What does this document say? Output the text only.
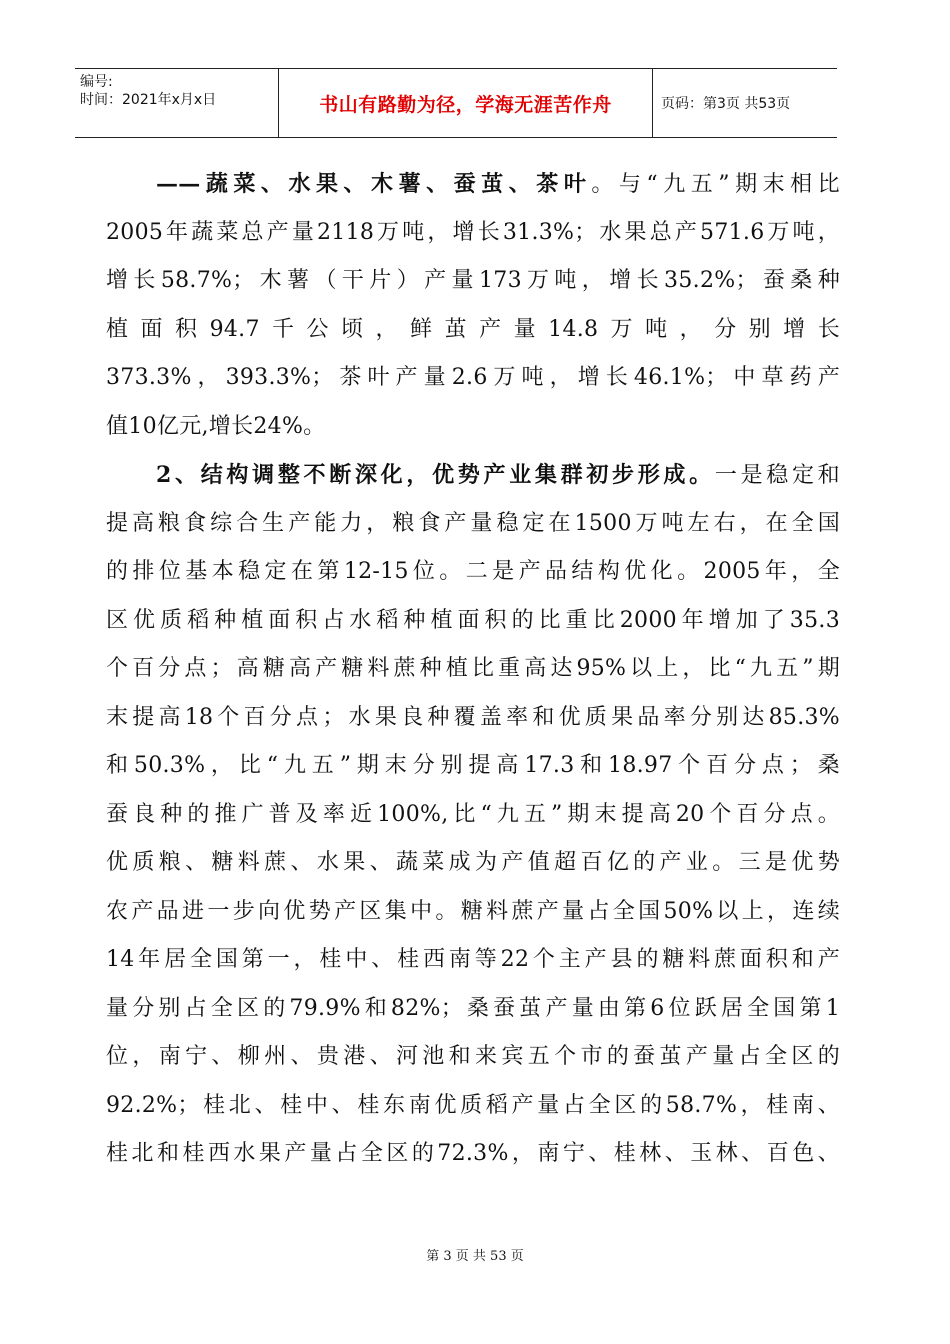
编号:
时间：2021年x月x日	书山有路勤为径，学海无涯苦作舟	页码：第3页 共53页
——蔬菜、水果、木薯、蚕茧、茶叶。与“九五”期末相比
2005年蔬菜总产量2118万吨，增长31.3%；水果总产571.6万吨，
增长58.7%；木薯（干片）产量173万吨，增长35.2%；蚕桑种
植面积94.7千公顷，鲜茧产量14.8万吨，分别增长
373.3%，393.3%；茶叶产量2.6万吨，增长46.1%；中草药产
值10亿元,增长24%。
2、结构调整不断深化，优势产业集群初步形成。一是稳定和
提高粮食综合生产能力，粮食产量稳定在1500万吨左右，在全国
的排位基本稳定在第12-15位。二是产品结构优化。2005年，全
区优质稻种植面积占水稻种植面积的比重比2000年增加了35.3
个百分点；高糖高产糖料蔗种植比重高达95%以上，比“九五”期
末提高18个百分点；水果良种覆盖率和优质果品率分别达85.3%
和50.3%，比“九五”期末分别提高17.3和18.97个百分点；桑
蚕良种的推广普及率近100%,比“九五”期末提高20个百分点。
优质粮、糖料蔗、水果、蔬菜成为产值超百亿的产业。三是优势
农产品进一步向优势产区集中。糖料蔗产量占全国50%以上，连续
14年居全国第一，桂中、桂西南等22个主产县的糖料蔗面积和产
量分别占全区的79.9%和82%；桑蚕茧产量由第6位跃居全国第1
位，南宁、柳州、贵港、河池和来宾五个市的蚕茧产量占全区的
92.2%；桂北、桂中、桂东南优质稻产量占全区的58.7%，桂南、
桂北和桂西水果产量占全区的72.3%，南宁、桂林、玉林、百色、
第 3 页 共 53 页
